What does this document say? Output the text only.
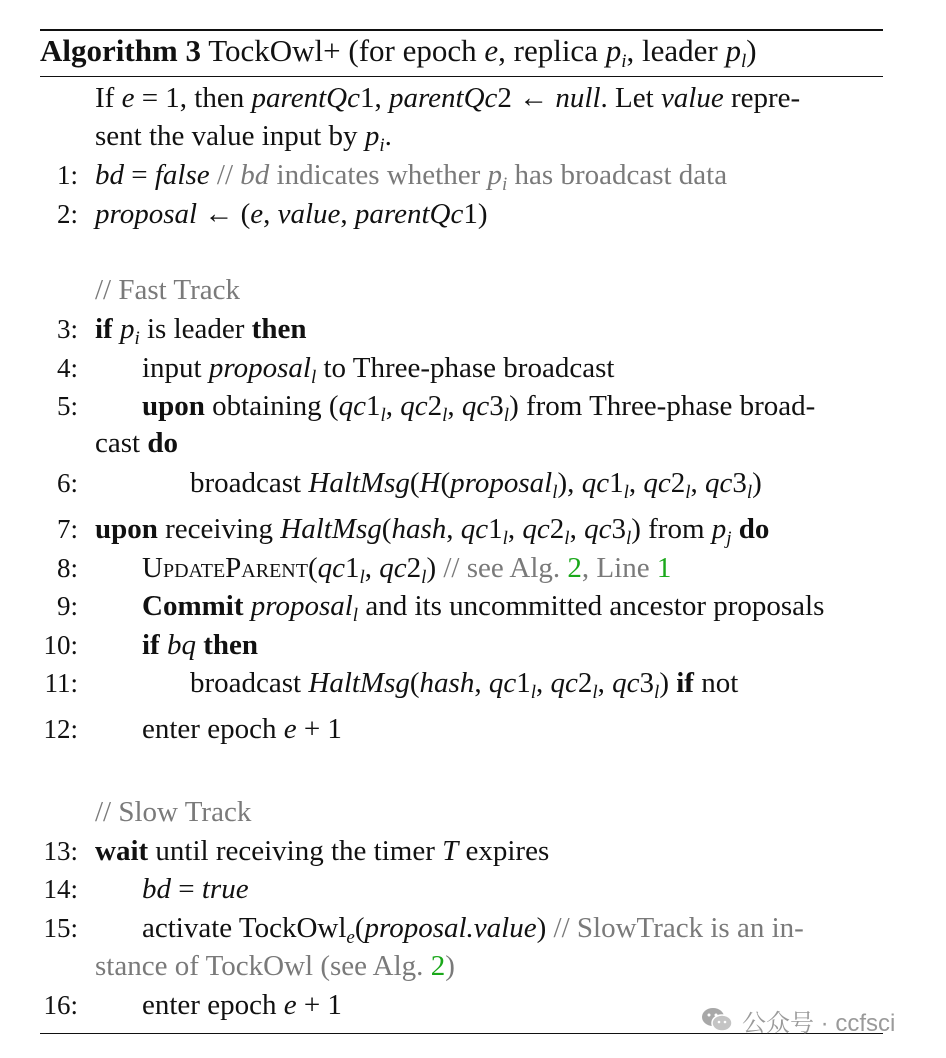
Algorithm 3 TockOwl+ (for epoch e, replica $p_i$, leader $p_l$)
If e = 1, then parentQc1, parentQc2 ← null. Let value repre-
sent the value input by $p_i$.
1: bd = false // bd indicates whether $p_i$ has broadcast data
2: proposal ← (e, value, parentQc1)
// Fast Track
3: if $p_i$ is leader then
4: input proposal$_l$ to Three-phase broadcast
5: upon obtaining ($qc1_l$, $qc2_l$, $qc3_l$) from Three-phase broad-
cast do
6:	broadcast HaltMsg(H(proposal$_l$), $qc1_l$, $qc2_l$, $qc3_l$)
7: upon receiving HaltMsg(hash, $qc1_l$, $qc2_l$, $qc3_l$) from $p_j$ do
8: $UpdateParent(qc1_l$, $qc2_l$) // see Alg. 2, Line 1
9: Commit proposal$_l$ and its uncommitted ancestor proposals
10: if bq then
11:	broadcast HaltMsg(hash, $qc1_l$, $qc2_l$, $qc3_l$) if not
12: enter epoch e + 1
// Slow Track
13: wait until receiving the timer T expires
14: bd = true
15: activate TockOwl$_e$(proposal.value) // SlowTrack is an in-
stance of TockOwl (see Alg. 2)
16: enter epoch e + 1
公众号 · ccfsci
